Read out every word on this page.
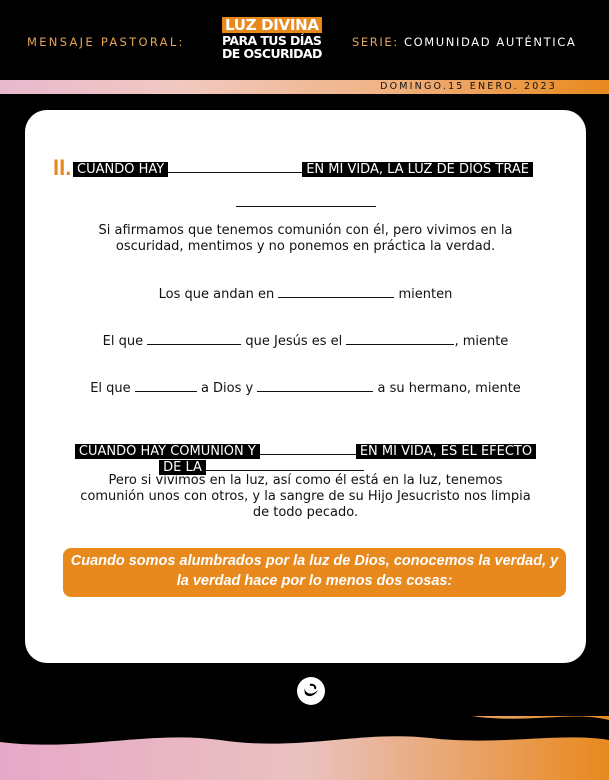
MENSAJE PASTORAL:
LUZ DIVINA
PARA TUS DÍAS
DE OSCURIDAD
SERIE: COMUNIDAD AUTÉNTICA
DOMINGO.15 ENERO. 2023
II. CUANDO HAY	EN MI VIDA, LA LUZ DE DIOS TRAE
Si afirmamos que tenemos comunión con él, pero vivimos en la oscuridad, mentimos y no ponemos en práctica la verdad.
Los que andan en	mienten
El que	que Jesús es el	, miente
El que	a Dios y	a su hermano, miente
CUANDO HAY COMUNIÓN Y	EN MI VIDA, ES EL EFECTO
DE LA
Pero si vivimos en la luz, así como él está en la luz, tenemos comunión unos con otros, y la sangre de su Hijo Jesucristo nos limpia de todo pecado.
Cuando somos alumbrados por la luz de Dios, conocemos la verdad, y la verdad hace por lo menos dos cosas:
